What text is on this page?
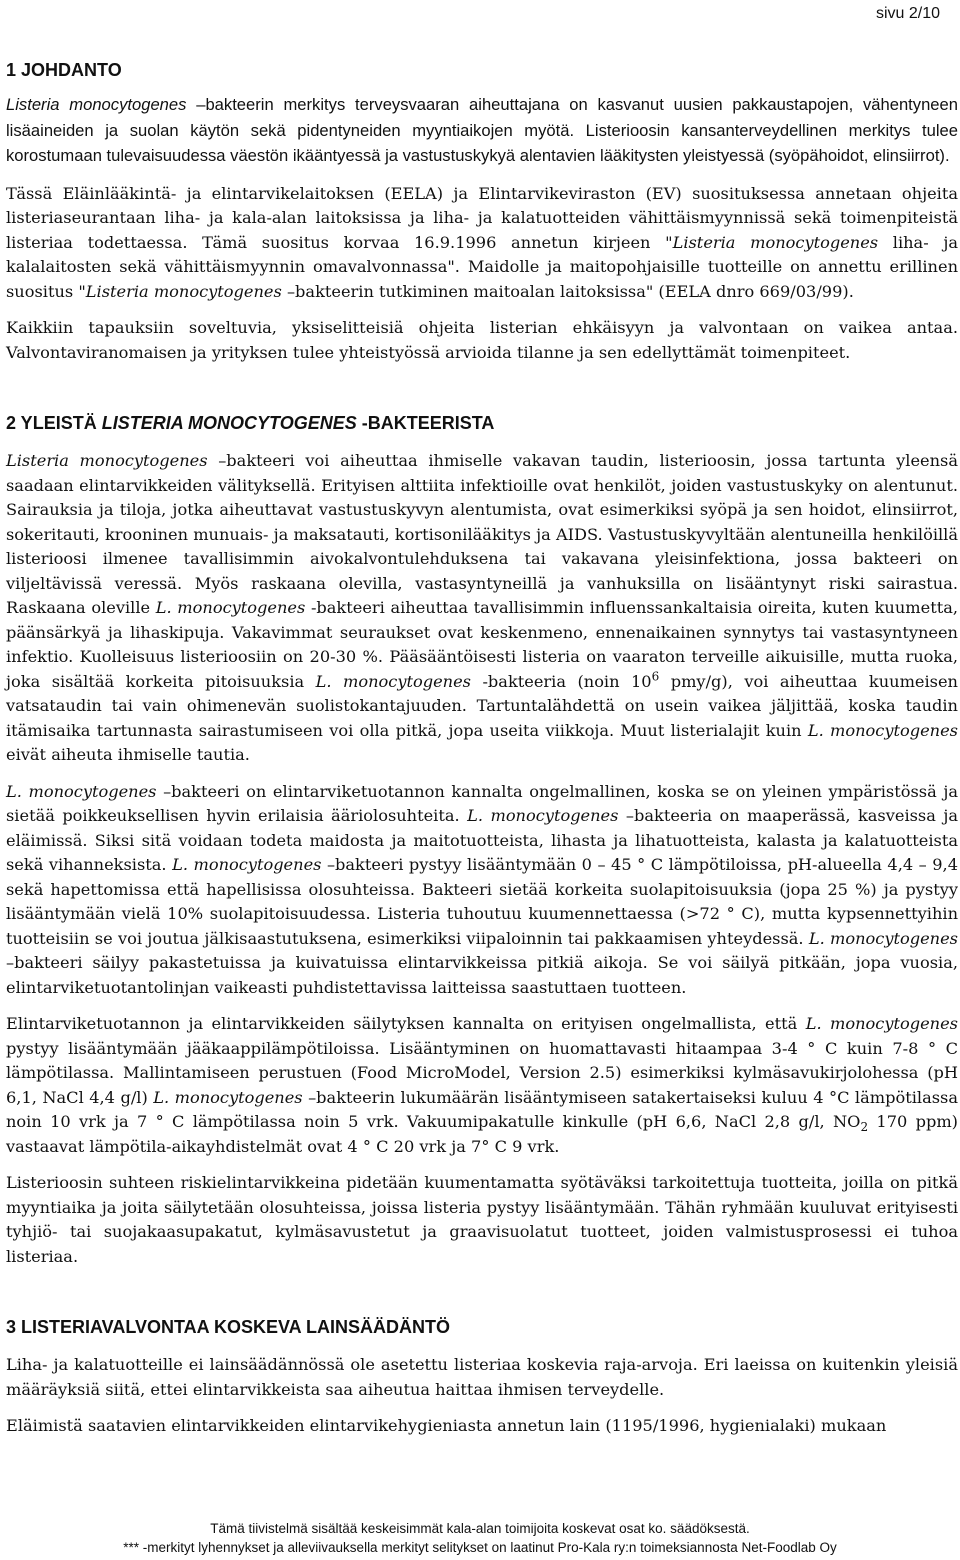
sivu 2/10
1 JOHDANTO

Listeria monocytogenes –bakteerin merkitys terveysvaaran aiheuttajana on kasvanut uusien pakkaustapojen, vähentyneen lisäaineiden ja suolan käytön sekä pidentyneiden myyntiaikojen myötä. Listerioosin kansanterveydellinen merkitys tulee korostumaan tulevaisuudessa väestön ikääntyessä ja vastustuskykyä alentavien lääkitysten yleistyessä (syöpähoidot, elinsiirrot).

Tässä Eläinlääkintä- ja elintarvikelaitoksen (EELA) ja Elintarvikeviraston (EV) suosituksessa annetaan ohjeita listeriaseurantaan liha- ja kala-alan laitoksissa ja liha- ja kalatuotteiden vähittäismyynnissä sekä toimenpiteistä listeriaa todettaessa. Tämä suositus korvaa 16.9.1996 annetun kirjeen "Listeria monocytogenes liha- ja kalalaitosten sekä vähittäismyynnin omavalvonnassa". Maidolle ja maitopohjaisille tuotteille on annettu erillinen suositus "Listeria monocytogenes –bakteerin tutkiminen maitoalan laitoksissa" (EELA dnro 669/03/99).

Kaikkiin tapauksiin soveltuvia, yksiselitteisiä ohjeita listerian ehkäisyyn ja valvontaan on vaikea antaa. Valvontaviranomaisen ja yrityksen tulee yhteistyössä arvioida tilanne ja sen edellyttämät toimenpiteet.

2 YLEISTÄ LISTERIA MONOCYTOGENES -BAKTEERISTA

Listeria monocytogenes –bakteeri voi aiheuttaa ihmiselle vakavan taudin, listerioosin, jossa tartunta yleensä saadaan elintarvikkeiden välityksellä. Erityisen alttiita infektioille ovat henkilöt, joiden vastustuskyky on alentunut. Sairauksia ja tiloja, jotka aiheuttavat vastustuskyvyn alentumista, ovat esimerkiksi syöpä ja sen hoidot, elinsiirrot, sokeritauti, krooninen munuais- ja maksatauti, kortisonilääkitys ja AIDS. Vastustuskyvyltään alentuneilla henkilöillä listerioosi ilmenee tavallisimmin aivokalvontulehduksena tai vakavana yleisinfektiona, jossa bakteeri on viljeltävissä veressä. Myös raskaana olevilla, vastasyntyneillä ja vanhuksilla on lisääntynyt riski sairastua. Raskaana oleville L. monocytogenes -bakteeri aiheuttaa tavallisimmin influenssankaltaisia oireita, kuten kuumetta, päänsärkyä ja lihaskipuja. Vakavimmat seuraukset ovat keskenmeno, ennenaikainen synnytys tai vastasyntyneen infektio. Kuolleisuus listerioosiin on 20-30 %. Pääsääntöisesti listeria on vaaraton terveille aikuisille, mutta ruoka, joka sisältää korkeita pitoisuuksia L. monocytogenes -bakteeria (noin $10^6$ pmy/g), voi aiheuttaa kuumeisen vatsataudin tai vain ohimenevän suolistokantajuuden. Tartuntalähdettä on usein vaikea jäljittää, koska taudin itämisaika tartunnasta sairastumiseen voi olla pitkä, jopa useita viikkoja. Muut listerialajit kuin L. monocytogenes eivät aiheuta ihmiselle tautia.

L. monocytogenes –bakteeri on elintarviketuotannon kannalta ongelmallinen, koska se on yleinen ympäristössä ja sietää poikkeuksellisen hyvin erilaisia ääriolosuhteita. L. monocytogenes –bakteeria on maaperässä, kasveissa ja eläimissä. Siksi sitä voidaan todeta maidosta ja maitotuotteista, lihasta ja lihatuotteista, kalasta ja kalatuotteista sekä vihanneksista. L. monocytogenes –bakteeri pystyy lisääntymään 0 – 45 ° C lämpötiloissa, pH-alueella 4,4 – 9,4 sekä hapettomissa että hapellisissa olosuhteissa. Bakteeri sietää korkeita suolapitoisuuksia (jopa 25 %) ja pystyy lisääntymään vielä 10% suolapitoisuudessa. Listeria tuhoutuu kuumennettaessa (>72 ° C), mutta kypsennettyihin tuotteisiin se voi joutua jälkisaastutuksena, esimerkiksi viipaloinnin tai pakkaamisen yhteydessä. L. monocytogenes –bakteeri säilyy pakastetuissa ja kuivatuissa elintarvikkeissa pitkiä aikoja. Se voi säilyä pitkään, jopa vuosia, elintarviketuotantolinjan vaikeasti puhdistettavissa laitteissa saastuttaen tuotteen.

Elintarviketuotannon ja elintarvikkeiden säilytyksen kannalta on erityisen ongelmallista, että L. monocytogenes pystyy lisääntymään jääkaappilämpötiloissa. Lisääntyminen on huomattavasti hitaampaa 3-4 ° C kuin 7-8 ° C lämpötilassa. Mallintamiseen perustuen (Food MicroModel, Version 2.5) esimerkiksi kylmäsavukirjolohessa (pH 6,1, NaCl 4,4 g/l) L. monocytogenes –bakteerin lukumäärän lisääntymiseen satakertaiseksi kuluu 4 °C lämpötilassa noin 10 vrk ja 7 ° C lämpötilassa noin 5 vrk. Vakuumipakatulle kinkulle (pH 6,6, NaCl 2,8 g/l, $NO_2$ 170 ppm) vastaavat lämpötila-aikayhdistelmät ovat 4 ° C 20 vrk ja 7° C 9 vrk.

Listerioosin suhteen riskielintarvikkeina pidetään kuumentamatta syötäväksi tarkoitettuja tuotteita, joilla on pitkä myyntiaika ja joita säilytetään olosuhteissa, joissa listeria pystyy lisääntymään. Tähän ryhmään kuuluvat erityisesti tyhjiö- tai suojakaasupakatut, kylmäsavustetut ja graavisuolatut tuotteet, joiden valmistusprosessi ei tuhoa listeriaa.

3 LISTERIAVALVONTAA KOSKEVA LAINSÄÄDÄNTÖ

Liha- ja kalatuotteille ei lainsäädännössä ole asetettu listeriaa koskevia raja-arvoja. Eri laeissa on kuitenkin yleisiä määräyksiä siitä, ettei elintarvikkeista saa aiheutua haittaa ihmisen terveydelle.

Eläimistä saatavien elintarvikkeiden elintarvikehygieniasta annetun lain (1195/1996, hygienialaki) mukaan

Tämä tiivistelmä sisältää keskeisimmät kala-alan toimijoita koskevat osat ko. säädöksestä.
*** -merkityt lyhennykset ja alleviivauksella merkityt selitykset on laatinut Pro-Kala ry:n toimeksiannosta Net-Foodlab Oy
